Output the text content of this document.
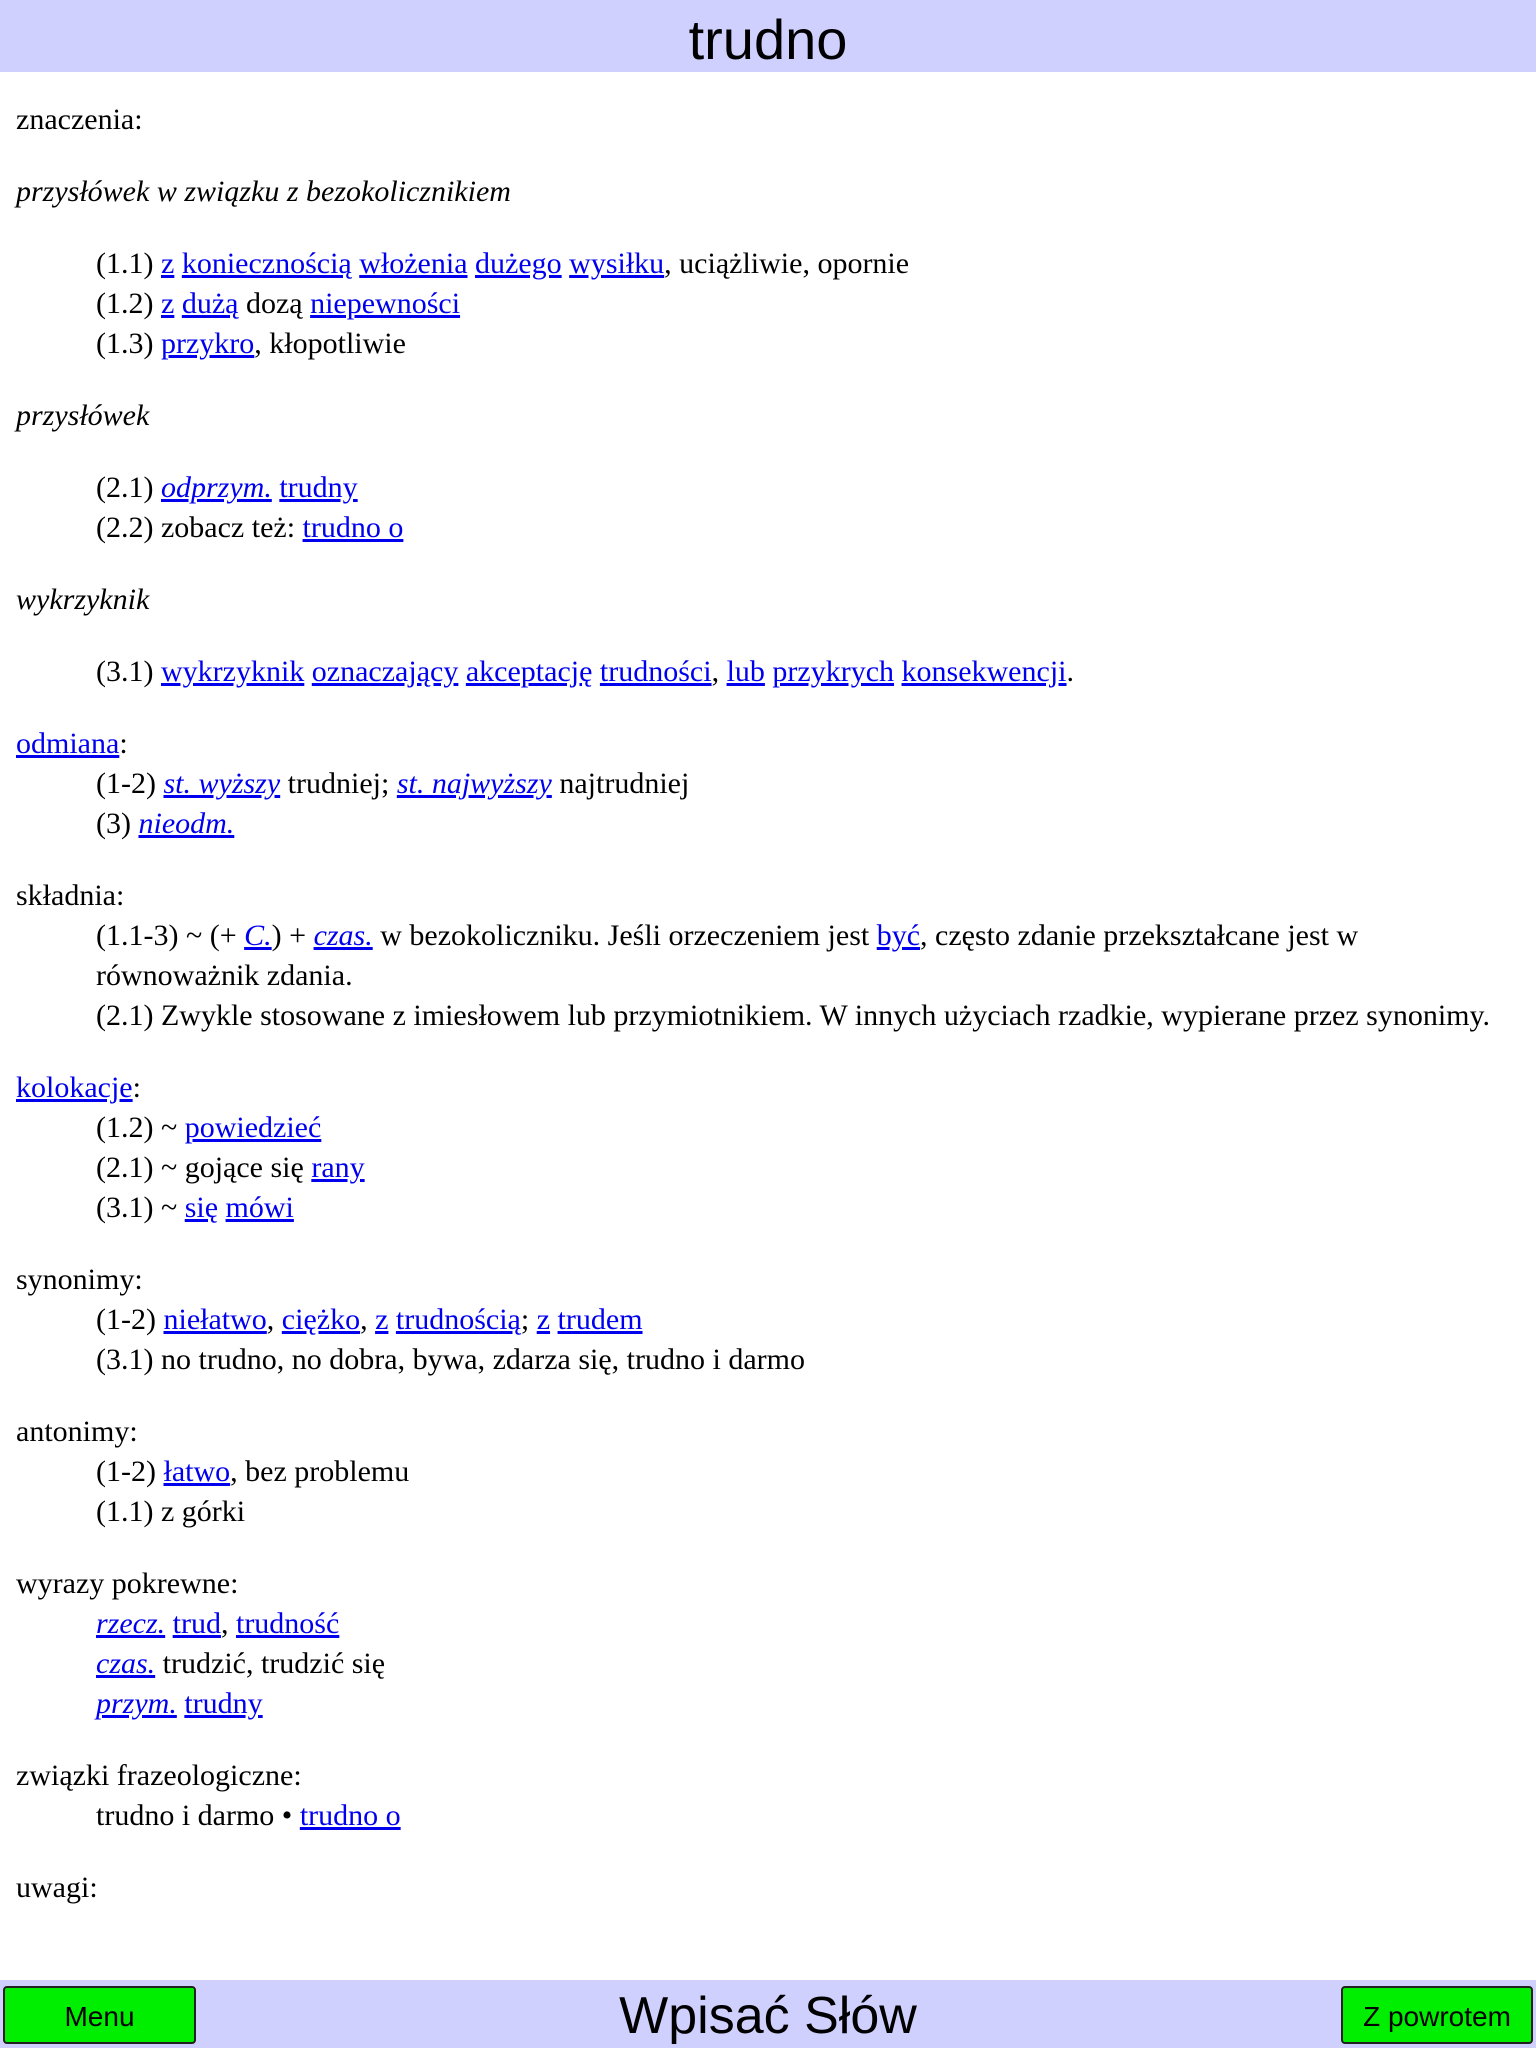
trudno
znaczenia:
przysłówek w związku z bezokolicznikiem
(1.1) z koniecznością włożenia dużego wysiłku, uciążliwie, opornie
(1.2) z dużą dozą niepewności
(1.3) przykro, kłopotliwie
przysłówek
(2.1) odprzym. trudny
(2.2) zobacz też: trudno o
wykrzyknik
(3.1) wykrzyknik oznaczający akceptację trudności, lub przykrych konsekwencji.
odmiana:
(1-2) st. wyższy trudniej; st. najwyższy najtrudniej
(3) nieodm.
składnia:
(1.1-3) ~ (+ C.) + czas. w bezokoliczniku. Jeśli orzeczeniem jest być, często zdanie przekształcane jest w równoważnik zdania.
(2.1) Zwykle stosowane z imiesłowem lub przymiotnikiem. W innych użyciach rzadkie, wypierane przez synonimy.
kolokacje:
(1.2) ~ powiedzieć
(2.1) ~ gojące się rany
(3.1) ~ się mówi
synonimy:
(1-2) niełatwo, ciężko, z trudnością; z trudem
(3.1) no trudno, no dobra, bywa, zdarza się, trudno i darmo
antonimy:
(1-2) łatwo, bez problemu
(1.1) z górki
wyrazy pokrewne:
rzecz. trud, trudność
czas. trudzić, trudzić się
przym. trudny
związki frazeologiczne:
trudno i darmo • trudno o
uwagi:
Wpisać Słów
Menu	Z powrotem
